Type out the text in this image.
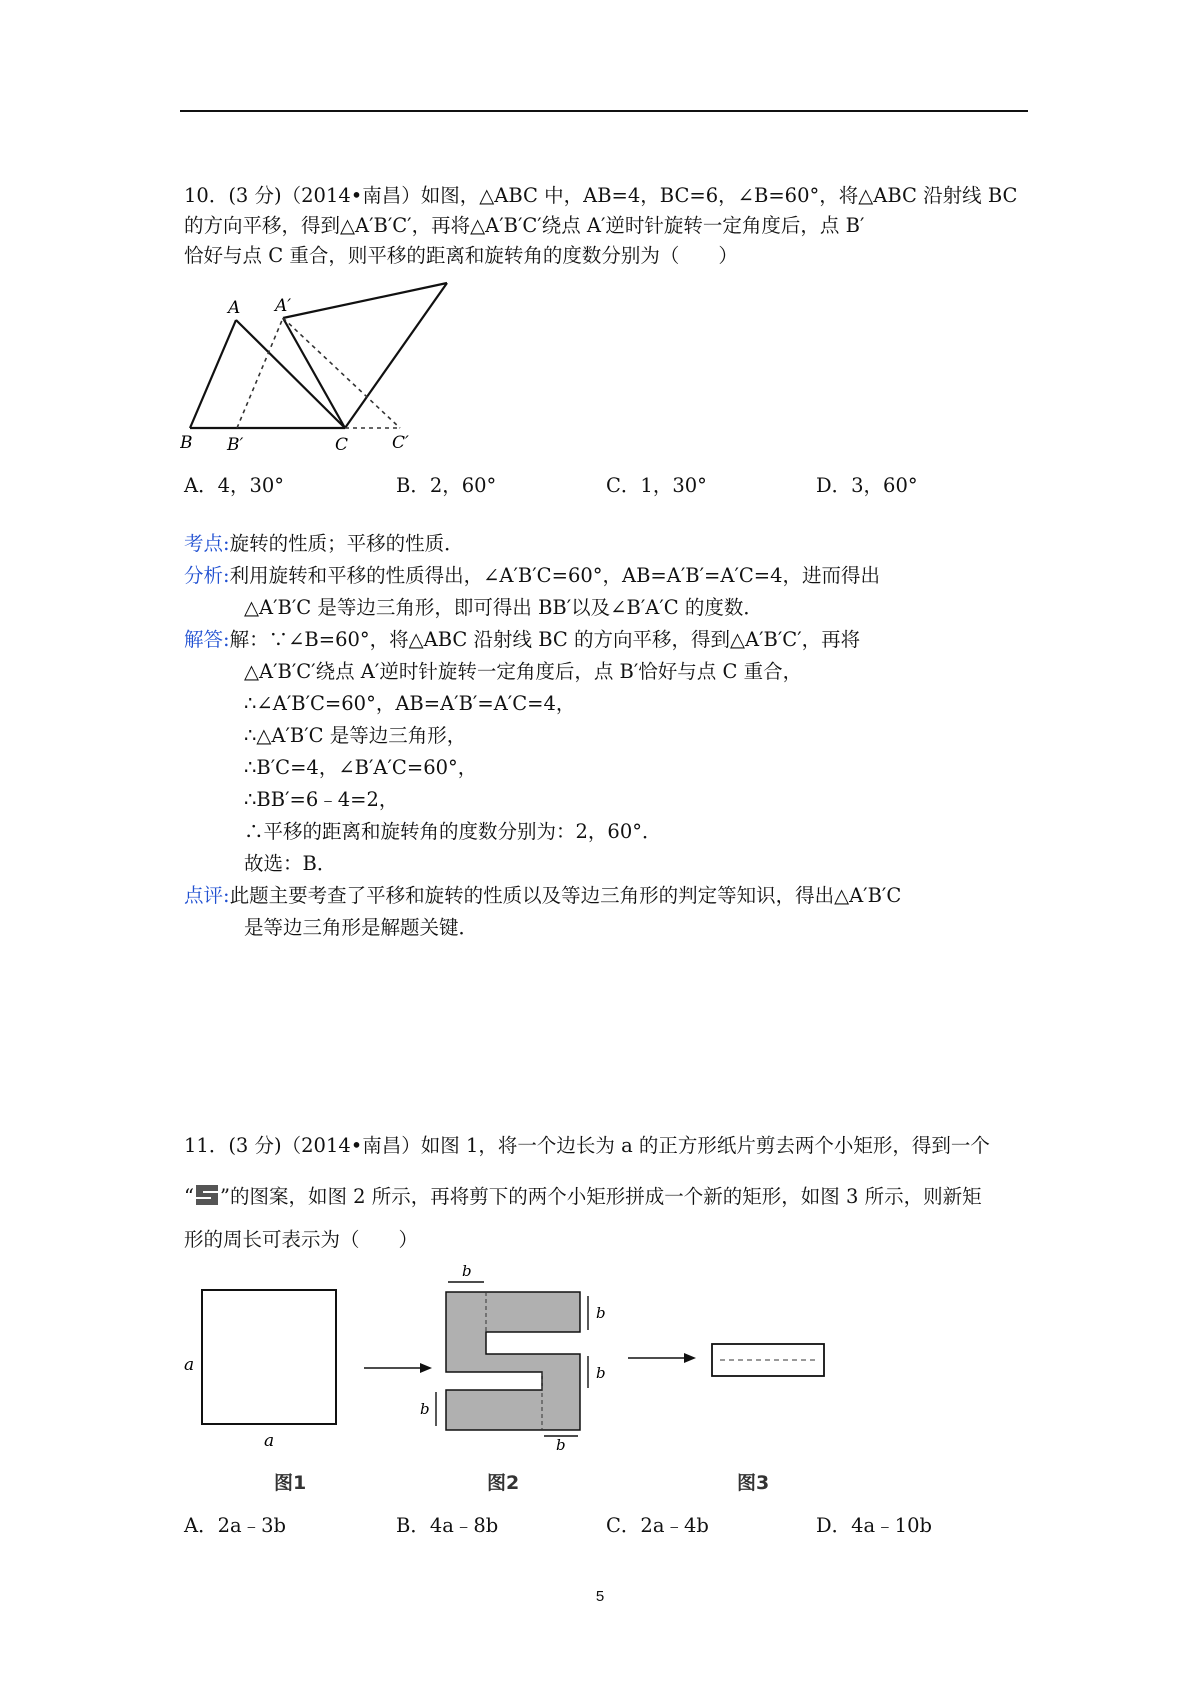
10．(3 分)（2014•南昌）如图，△ABC 中，AB=4，BC=6，∠B=60°，将△ABC 沿射线 BC
的方向平移，得到△A′B′C′，再将△A′B′C′绕点 A′逆时针旋转一定角度后，点 B′
恰好与点 C 重合，则平移的距离和旋转角的度数分别为（　　）
A A′
B B′	C	C′
A．4，30°	B．2，60°	C．1，30°	D．3，60°
考点:旋转的性质；平移的性质．
分析:利用旋转和平移的性质得出，∠A′B′C=60°，AB=A′B′=A′C=4，进而得出
△A′B′C 是等边三角形，即可得出 BB′以及∠B′A′C 的度数．
解答:解：∵∠B=60°，将△ABC 沿射线 BC 的方向平移，得到△A′B′C′，再将
△A′B′C′绕点 A′逆时针旋转一定角度后，点 B′恰好与点 C 重合，
∴∠A′B′C=60°，AB=A′B′=A′C=4，
∴△A′B′C 是等边三角形，
∴B′C=4，∠B′A′C=60°，
∴BB′=6﹣4=2，
∴平移的距离和旋转角的度数分别为：2，60°．
故选：B．
点评:此题主要考查了平移和旋转的性质以及等边三角形的判定等知识，得出△A′B′C
是等边三角形是解题关键．
11．(3 分)（2014•南昌）如图 1，将一个边长为 a 的正方形纸片剪去两个小矩形，得到一个
“ ”的图案，如图 2 所示，再将剪下的两个小矩形拼成一个新的矩形，如图 3 所示，则新矩
形的周长可表示为（　　）
a
a
b
b
b
b
b
图1	图2	图3
A．2a﹣3b	B．4a﹣8b	C．2a﹣4b	D．4a﹣10b
5
